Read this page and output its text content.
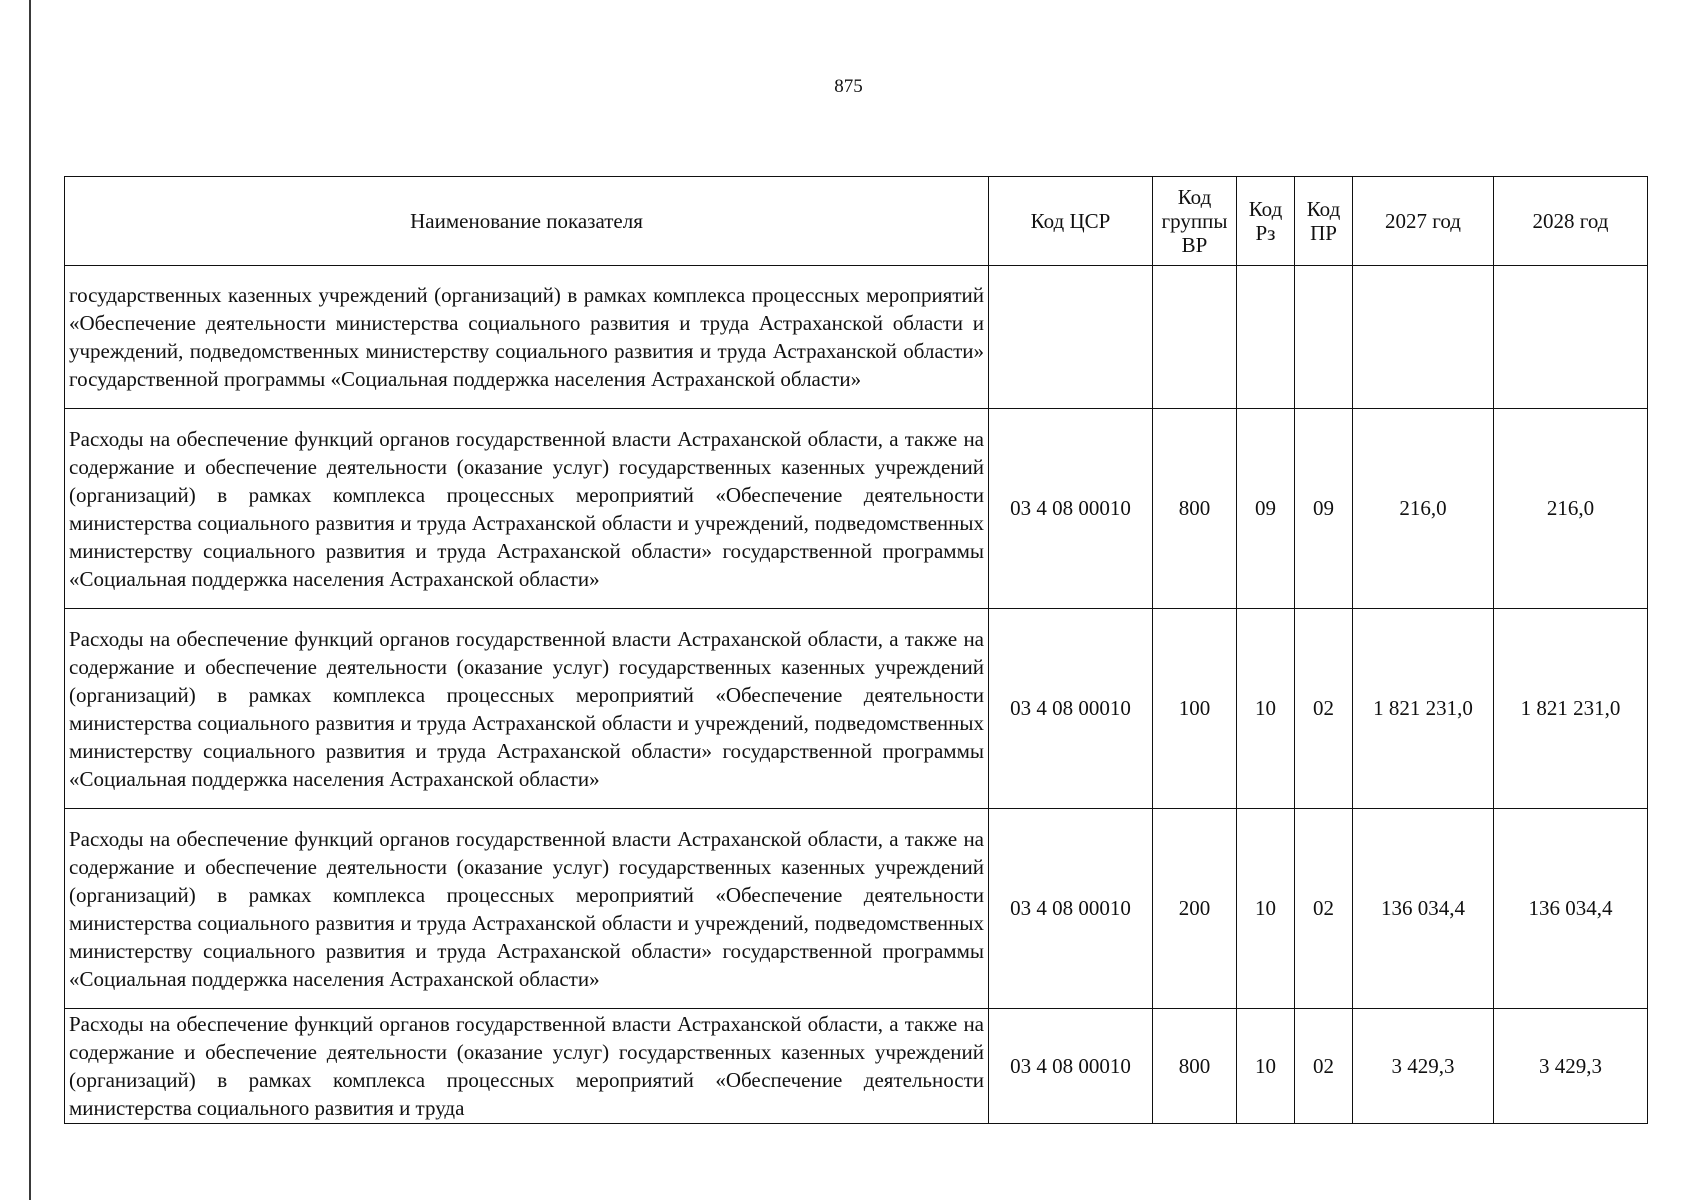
875
Наименование показателя	Код ЦСР	Код группы ВР	Код Рз	Код ПР	2027 год	2028 год
государственных казенных учреждений (организаций) в рамках комплекса процессных мероприятий «Обеспечение деятельности министерства социального развития и труда Астраханской области и учреждений, подведомственных министерству социального развития и труда Астраханской области» государственной программы «Социальная поддержка населения Астраханской области»						
Расходы на обеспечение функций органов государственной власти Астраханской области, а также на содержание и обеспечение деятельности (оказание услуг) государственных казенных учреждений (организаций) в рамках комплекса процессных мероприятий «Обеспечение деятельности министерства социального развития и труда Астраханской области и учреждений, подведомственных министерству социального развития и труда Астраханской области» государственной программы «Социальная поддержка населения Астраханской области»	03 4 08 00010	800	09	09	216,0	216,0
Расходы на обеспечение функций органов государственной власти Астраханской области, а также на содержание и обеспечение деятельности (оказание услуг) государственных казенных учреждений (организаций) в рамках комплекса процессных мероприятий «Обеспечение деятельности министерства социального развития и труда Астраханской области и учреждений, подведомственных министерству социального развития и труда Астраханской области» государственной программы «Социальная поддержка населения Астраханской области»	03 4 08 00010	100	10	02	1 821 231,0	1 821 231,0
Расходы на обеспечение функций органов государственной власти Астраханской области, а также на содержание и обеспечение деятельности (оказание услуг) государственных казенных учреждений (организаций) в рамках комплекса процессных мероприятий «Обеспечение деятельности министерства социального развития и труда Астраханской области и учреждений, подведомственных министерству социального развития и труда Астраханской области» государственной программы «Социальная поддержка населения Астраханской области»	03 4 08 00010	200	10	02	136 034,4	136 034,4
Расходы на обеспечение функций органов государственной власти Астраханской области, а также на содержание и обеспечение деятельности (оказание услуг) государственных казенных учреждений (организаций) в рамках комплекса процессных мероприятий «Обеспечение деятельности министерства социального развития и труда	03 4 08 00010	800	10	02	3 429,3	3 429,3
